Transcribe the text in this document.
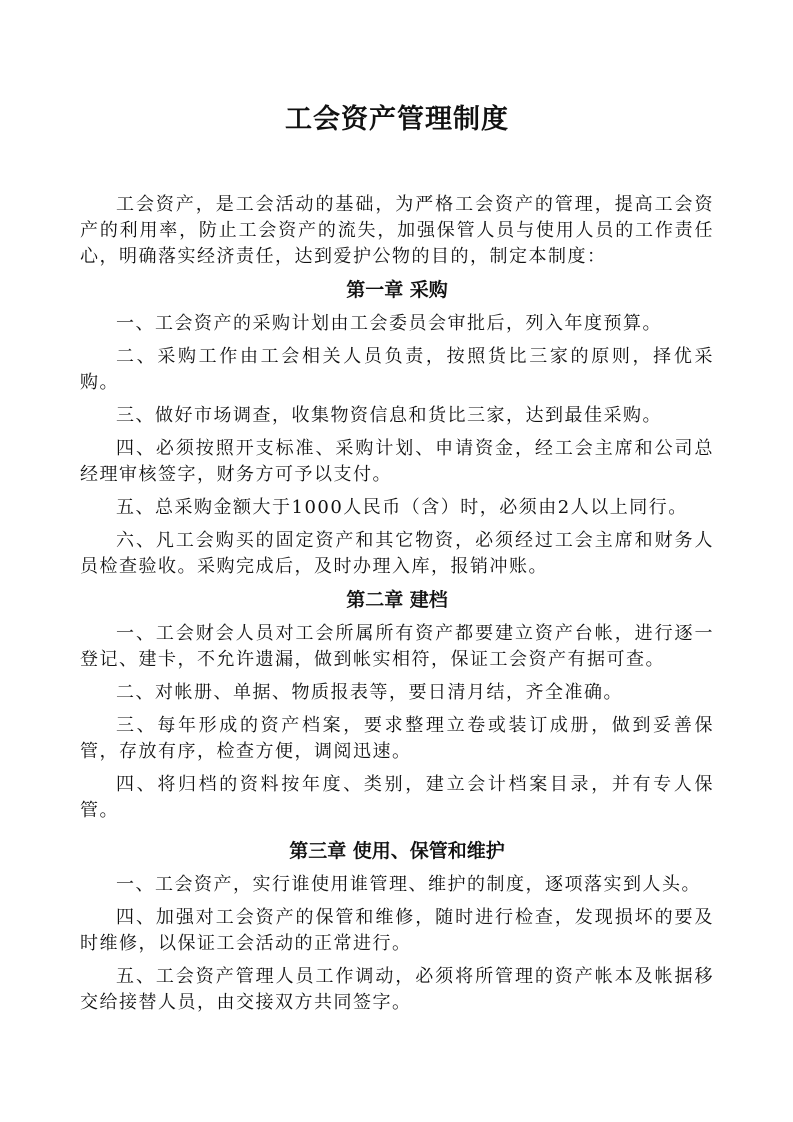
工会资产管理制度

工会资产，是工会活动的基础，为严格工会资产的管理，提高工会资产的利用率，防止工会资产的流失，加强保管人员与使用人员的工作责任心，明确落实经济责任，达到爱护公物的目的，制定本制度：

第一章 采购

一、工会资产的采购计划由工会委员会审批后，列入年度预算。

二、采购工作由工会相关人员负责，按照货比三家的原则，择优采购。

三、做好市场调查，收集物资信息和货比三家，达到最佳采购。

四、必须按照开支标准、采购计划、申请资金，经工会主席和公司总经理审核签字，财务方可予以支付。

五、总采购金额大于1000人民币（含）时，必须由2人以上同行。

六、凡工会购买的固定资产和其它物资，必须经过工会主席和财务人员检查验收。采购完成后，及时办理入库，报销冲账。

第二章 建档

一、工会财会人员对工会所属所有资产都要建立资产台帐，进行逐一登记、建卡，不允许遗漏，做到帐实相符，保证工会资产有据可查。

二、对帐册、单据、物质报表等，要日清月结，齐全准确。

三、每年形成的资产档案，要求整理立卷或装订成册，做到妥善保管，存放有序，检查方便，调阅迅速。

四、将归档的资料按年度、类别，建立会计档案目录，并有专人保管。

第三章 使用、保管和维护

一、工会资产，实行谁使用谁管理、维护的制度，逐项落实到人头。

四、加强对工会资产的保管和维修，随时进行检查，发现损坏的要及时维修，以保证工会活动的正常进行。

五、工会资产管理人员工作调动，必须将所管理的资产帐本及帐据移交给接替人员，由交接双方共同签字。
